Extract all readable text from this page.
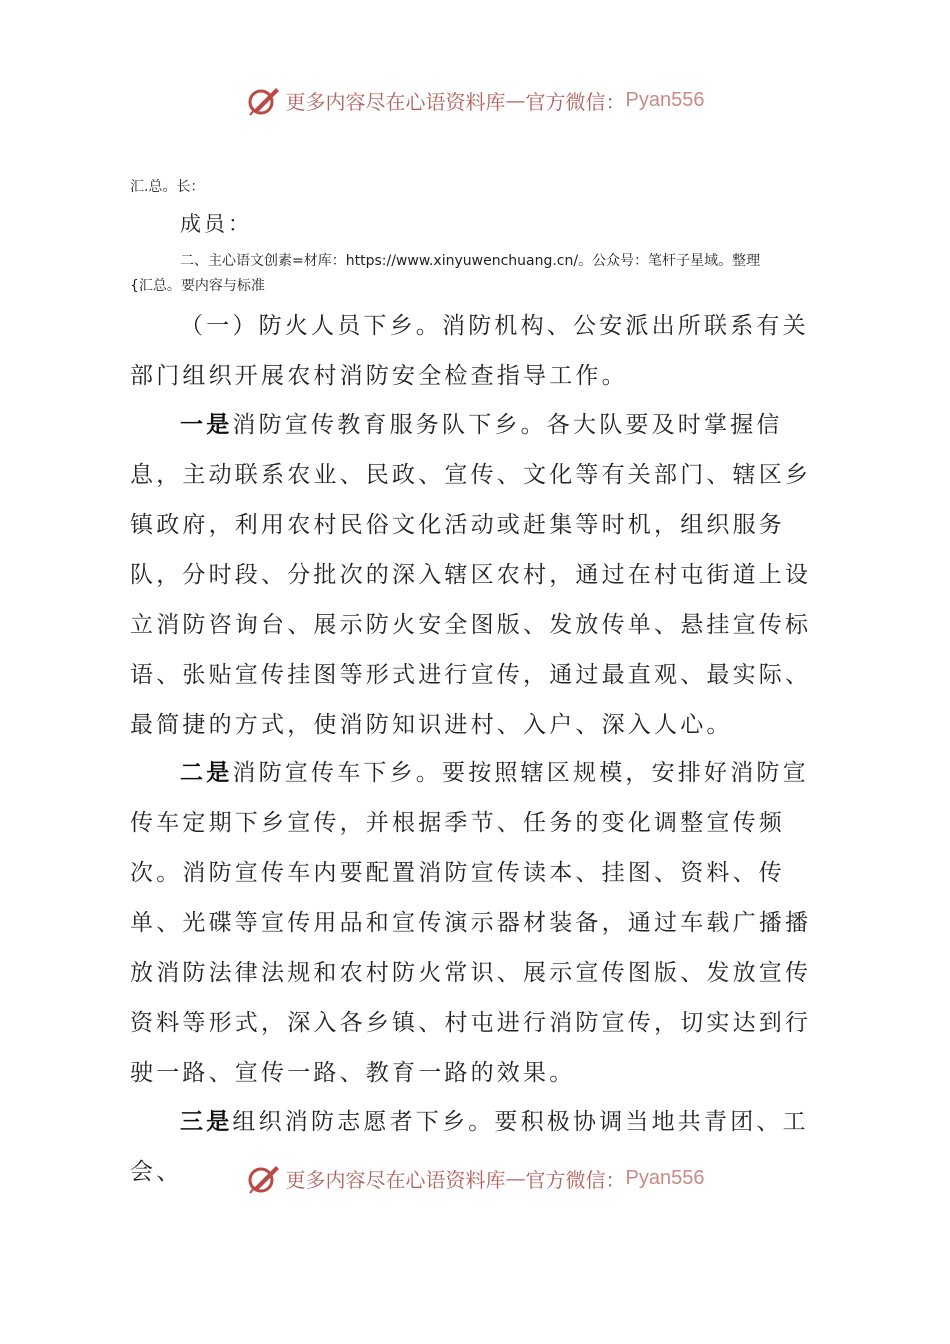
更多内容尽在心语资料库 — 官方微信： Pyan556
汇.总。长：
成员：
二、主心语文创素=材库：https://www.xinyuwenchuang.cn/。公众号：笔杆子星域。整理
{汇总。要内容与标准

（一）防火人员下乡。消防机构、公安派出所联系有关部门组织开展农村消防安全检查指导工作。

一是消防宣传教育服务队下乡。各大队要及时掌握信息，主动联系农业、民政、宣传、文化等有关部门、辖区乡镇政府，利用农村民俗文化活动或赶集等时机，组织服务队，分时段、分批次的深入辖区农村，通过在村屯街道上设立消防咨询台、展示防火安全图版、发放传单、悬挂宣传标语、张贴宣传挂图等形式进行宣传，通过最直观、最实际、最简捷的方式，使消防知识进村、入户、深入人心。

二是消防宣传车下乡。要按照辖区规模，安排好消防宣传车定期下乡宣传，并根据季节、任务的变化调整宣传频次。消防宣传车内要配置消防宣传读本、挂图、资料、传单、光碟等宣传用品和宣传演示器材装备，通过车载广播播放消防法律法规和农村防火常识、展示宣传图版、发放宣传资料等形式，深入各乡镇、村屯进行消防宣传，切实达到行驶一路、宣传一路、教育一路的效果。

三是组织消防志愿者下乡。要积极协调当地共青团、工会、	更多内容尽在心语资料库 — 官方微信： Pyan556
